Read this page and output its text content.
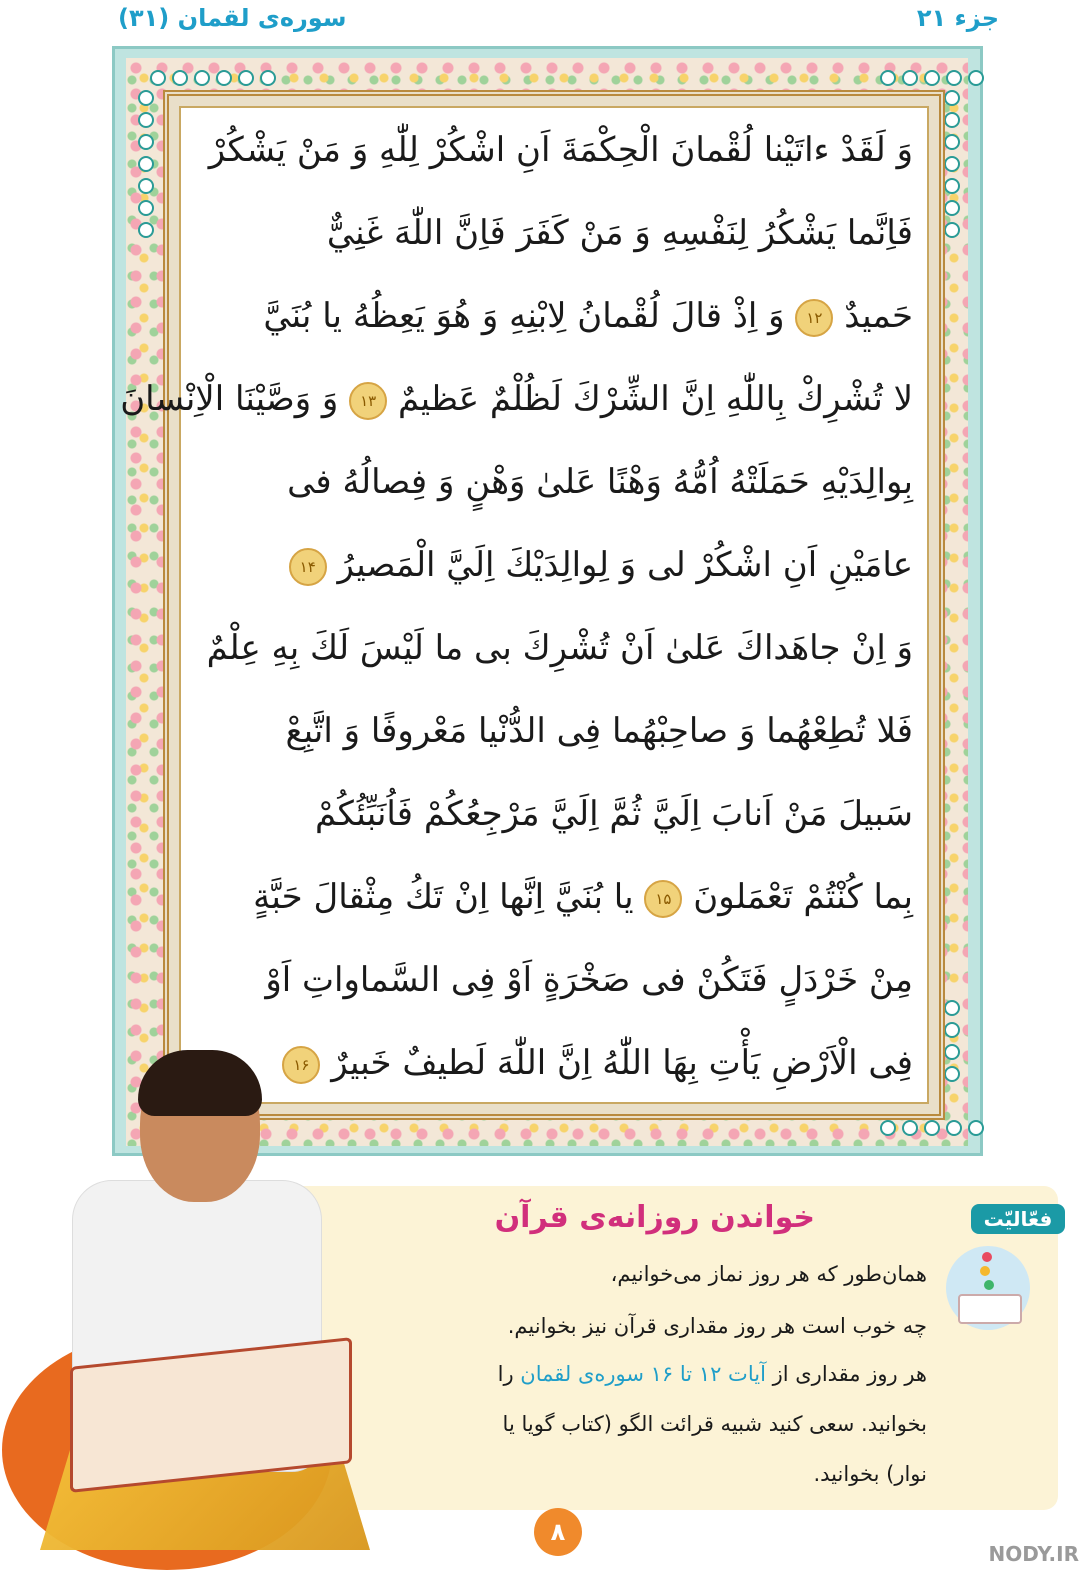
سوره‌ی لقمان (۳۱)	جزء ۲۱
وَ لَقَدْ ءاتَيْنا لُقْمانَ الْحِكْمَةَ اَنِ اشْكُرْ لِلّٰهِ وَ مَنْ يَشْكُرْ
فَاِنَّما يَشْكُرُ لِنَفْسِهِ وَ مَنْ كَفَرَ فَاِنَّ اللّٰهَ غَنِيٌّ
حَميدٌ ۱۲ وَ اِذْ قالَ لُقْمانُ لِابْنِهِ وَ هُوَ يَعِظُهُ يا بُنَيَّ
لا تُشْرِكْ بِاللّٰهِ اِنَّ الشِّرْكَ لَظُلْمٌ عَظيمٌ ۱۳ وَ وَصَّيْنَا الْاِنْسانَ
بِوالِدَيْهِ حَمَلَتْهُ اُمُّهُ وَهْنًا عَلىٰ وَهْنٍ وَ فِصالُهُ فى
عامَيْنِ اَنِ اشْكُرْ لى وَ لِوالِدَيْكَ اِلَيَّ الْمَصيرُ ۱۴
وَ اِنْ جاهَداكَ عَلىٰ اَنْ تُشْرِكَ بى ما لَيْسَ لَكَ بِهِ عِلْمٌ
فَلا تُطِعْهُما وَ صاحِبْهُما فِى الدُّنْيا مَعْروفًا وَ اتَّبِعْ
سَبيلَ مَنْ اَنابَ اِلَيَّ ثُمَّ اِلَيَّ مَرْجِعُكُمْ فَاُنَبِّئُكُمْ
بِما كُنْتُمْ تَعْمَلونَ ۱۵ يا بُنَيَّ اِنَّها اِنْ تَكُ مِثْقالَ حَبَّةٍ
مِنْ خَرْدَلٍ فَتَكُنْ فى صَخْرَةٍ اَوْ فِى السَّماواتِ اَوْ
فِى الْاَرْضِ يَأْتِ بِهَا اللّٰهُ اِنَّ اللّٰهَ لَطيفٌ خَبيرٌ ۱۶
فعّالیّت
خواندن روزانه‌ی قرآن
همان‌طور که هر روز نماز می‌خوانیم،
چه خوب است هر روز مقداری قرآن نیز بخوانیم.
هر روز مقداری از آیات ۱۲ تا ۱۶ سوره‌ی لقمان را
بخوانید. سعی کنید شبیه قرائت الگو (کتاب گویا یا
نوار) بخوانید.
۸
NODY.IR
